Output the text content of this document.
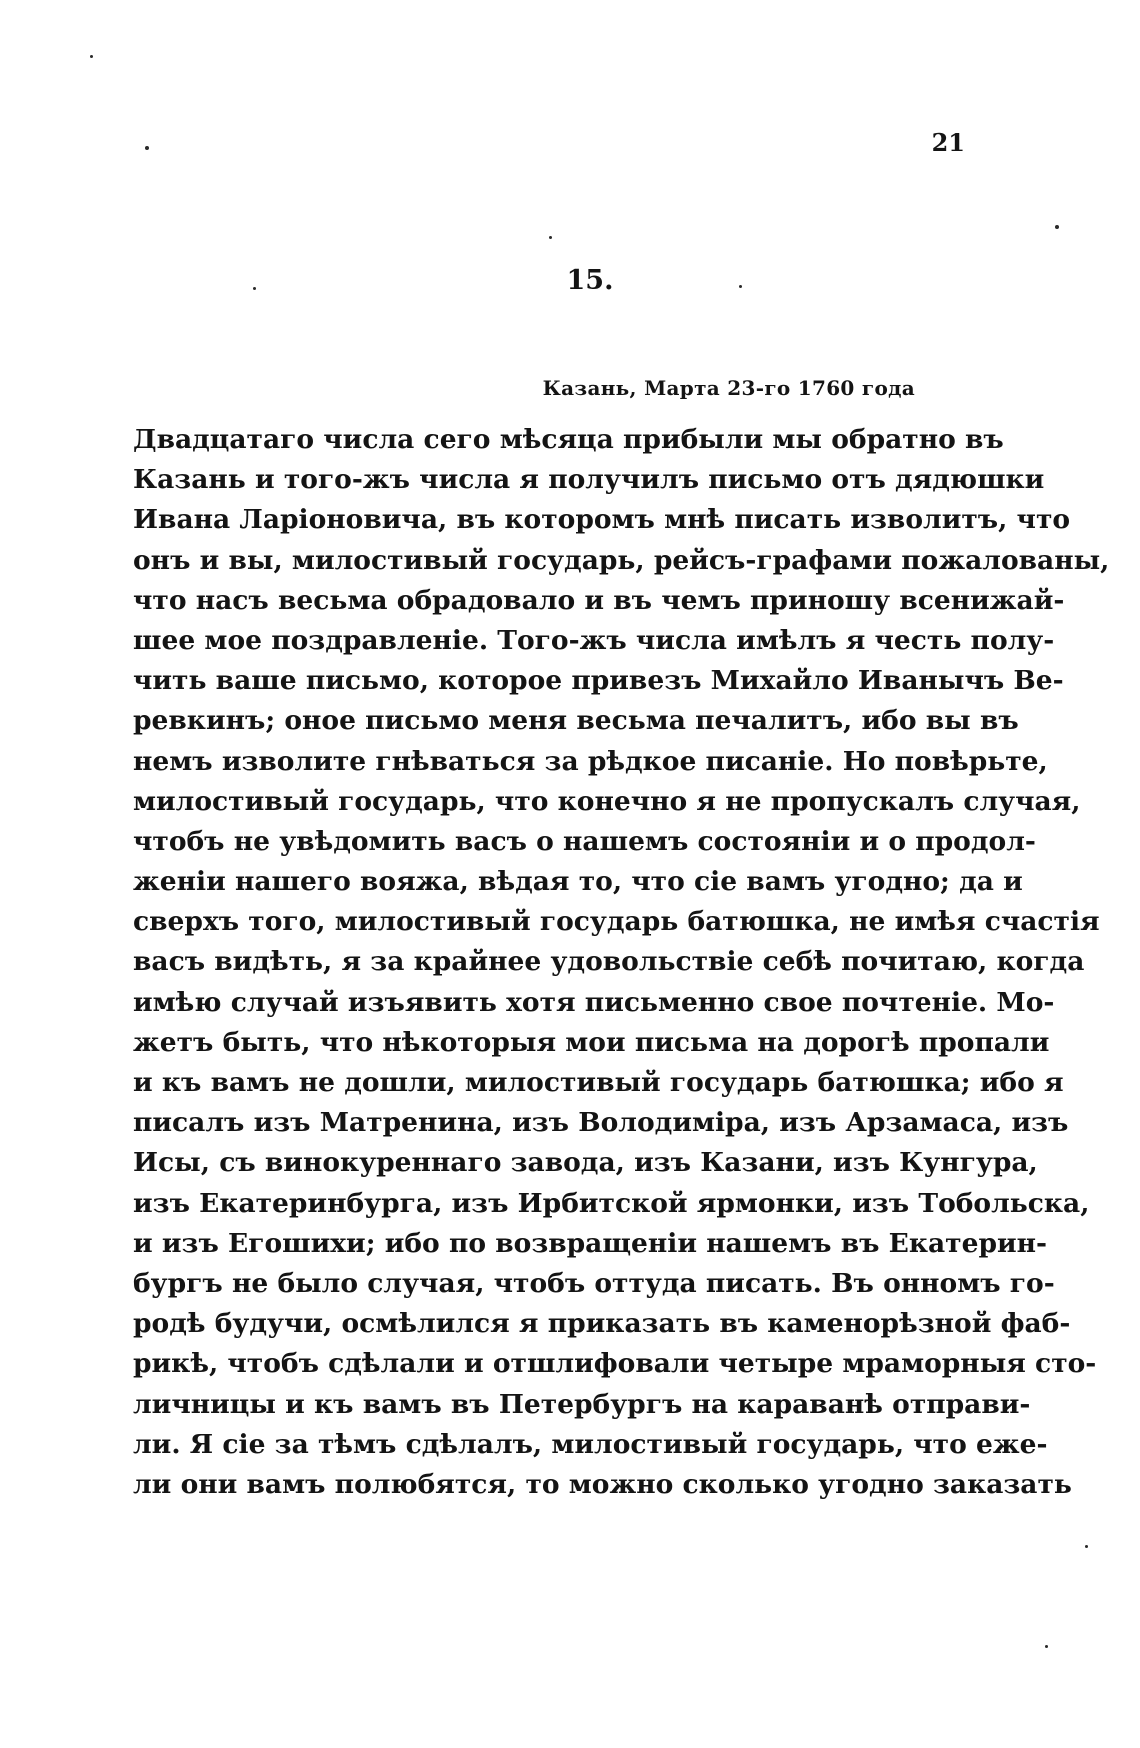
21
15.
Казань, Марта 23-го 1760 года
Двадцатаго числа сего мѣсяца прибыли мы обратно въ
Казань и того-жъ числа я получилъ письмо отъ дядюшки
Ивана Ларіоновича, въ которомъ мнѣ писать изволитъ, что
онъ и вы, милостивый государь, рейсъ-графами пожалованы,
что насъ весьма обрадовало и въ чемъ приношу всенижай-
шее мое поздравленіе. Того-жъ числа имѣлъ я честь полу-
чить ваше письмо, которое привезъ Михайло Иванычъ Ве-
ревкинъ; оное письмо меня весьма печалитъ, ибо вы въ
немъ изволите гнѣваться за рѣдкое писаніе. Но повѣрьте,
милостивый государь, что конечно я не пропускалъ случая,
чтобъ не увѣдомить васъ о нашемъ состояніи и о продол-
женіи нашего вояжа, вѣдая то, что сіе вамъ угодно; да и
сверхъ того, милостивый государь батюшка, не имѣя счастія
васъ видѣть, я за крайнее удовольствіе себѣ почитаю, когда
имѣю случай изъявить хотя письменно свое почтеніе. Мо-
жетъ быть, что нѣкоторыя мои письма на дорогѣ пропали
и къ вамъ не дошли, милостивый государь батюшка; ибо я
писалъ изъ Матренина, изъ Володиміра, изъ Арзамаса, изъ
Исы, съ винокуреннаго завода, изъ Казани, изъ Кунгура,
изъ Екатеринбурга, изъ Ирбитской ярмонки, изъ Тобольска,
и изъ Егошихи; ибо по возвращеніи нашемъ въ Екатерин-
бургъ не было случая, чтобъ оттуда писать. Въ онномъ го-
родѣ будучи, осмѣлился я приказать въ каменорѣзной фаб-
рикѣ, чтобъ сдѣлали и отшлифовали четыре мраморныя сто-
личницы и къ вамъ въ Петербургъ на караванѣ отправи-
ли. Я сіе за тѣмъ сдѣлалъ, милостивый государь, что еже-
ли они вамъ полюбятся, то можно сколько угодно заказать
